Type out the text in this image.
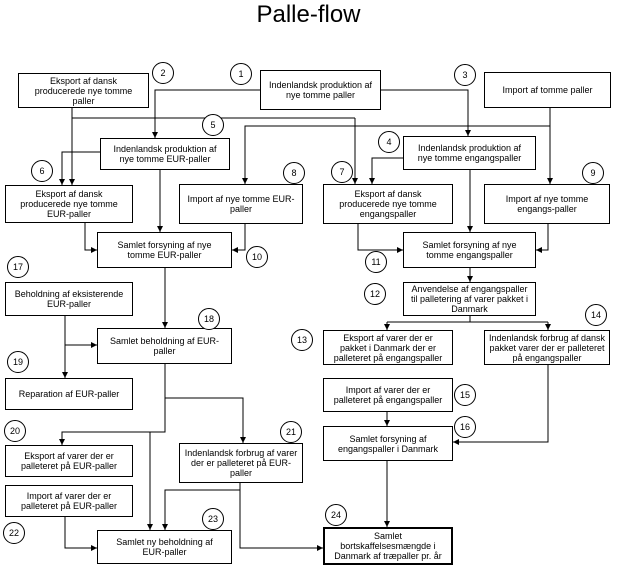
Palle-flow
Eksport af dansk
producerede nye tomme
paller
Indenlandsk produktion af
nye tomme paller	Import af tomme paller
Indenlandsk produktion af
nye tomme EUR-paller
Indenlandsk produktion af
nye tomme engangspaller
Eksport af dansk
producerede nye tomme
EUR-paller
Import af nye tomme EUR-
paller
Eksport af dansk
producerede nye tomme
engangspaller
Import af nye tomme
engangs-paller
Samlet forsyning af nye
tomme EUR-paller
Samlet forsyning af nye
tomme engangspaller
Beholdning af eksisterende
EUR-paller
Anvendelse af engangspaller
til palletering af varer pakket i
Danmark
Samlet beholdning af EUR-
paller
Eksport af varer der er
pakket i Danmark der er
palleteret på engangspaller
Indenlandsk forbrug af dansk
pakket varer der er palleteret
på engangspaller
Reparation af EUR-paller	Import af varer der er
palleteret på engangspaller
Samlet forsyning af
engangspaller i Danmark
Eksport af varer der er
palleteret på EUR-paller
Indenlandsk forbrug af varer
der er palleteret på EUR-
paller
Import af varer der er
palleteret på EUR-paller
Samlet ny beholdning af
EUR-paller
Samlet
bortskaffelsesmængde i
Danmark af træpaller pr. år
1
2	3
4
5
6	7
8	9
10	11
12
13
14
15
16
17
18
19
20	21
22
23	24
